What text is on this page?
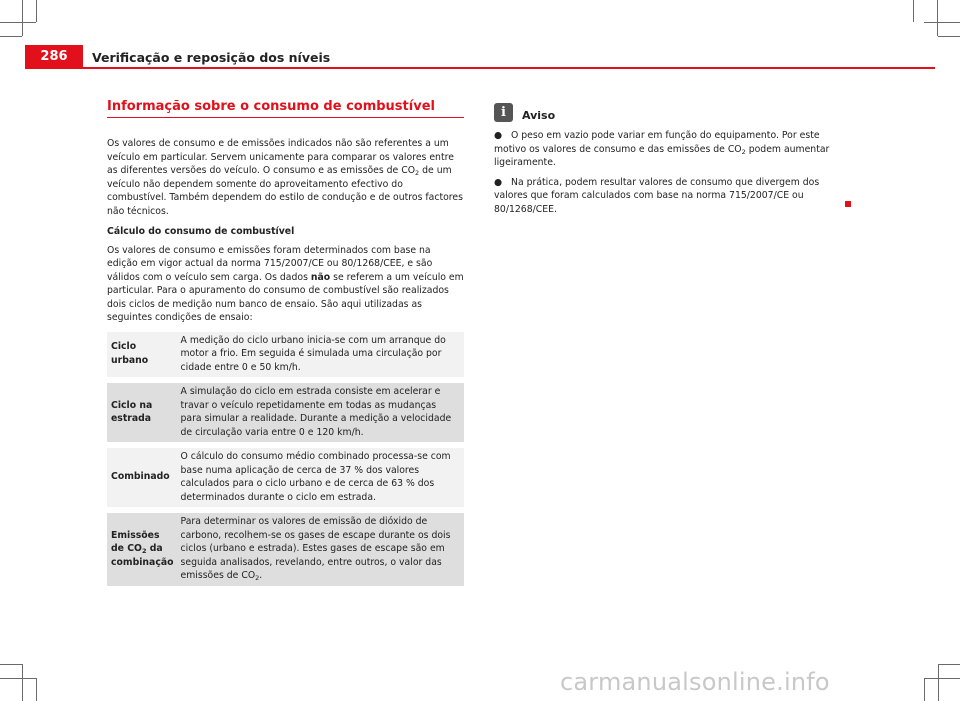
286	Verificação e reposição dos níveis
Informação sobre o consumo de combustível

Os valores de consumo e de emissões indicados não são referentes a um veículo em particular. Servem unicamente para comparar os valores entre as diferentes versões do veículo. O consumo e as emissões de $CO_2$ de um veículo não dependem somente do aproveitamento efectivo do combustível. Também dependem do estilo de condução e de outros factores não técnicos.

Cálculo do consumo de combustível

Os valores de consumo e emissões foram determinados com base na edição em vigor actual da norma 715/2007/CE ou 80/1268/CEE, e são válidos com o veículo sem carga. Os dados não se referem a um veículo em particular. Para o apuramento do consumo de combustível são realizados dois ciclos de medição num banco de ensaio. São aqui utilizadas as seguintes condições de ensaio:

Ciclo urbano	A medição do ciclo urbano inicia-se com um arranque do motor a frio. Em seguida é simulada uma circulação por cidade entre 0 e 50 km/h.
Ciclo na estrada	A simulação do ciclo em estrada consiste em acelerar e travar o veículo repetidamente em todas as mudanças para simular a realidade. Durante a medição a velocidade de circulação varia entre 0 e 120 km/h.
Combinado	O cálculo do consumo médio combinado processa-se com base numa aplicação de cerca de 37 % dos valores calculados para o ciclo urbano e de cerca de 63 % dos determinados durante o ciclo em estrada.
Emissões de $CO_2$ da combinação	Para determinar os valores de emissão de dióxido de carbono, recolhem-se os gases de escape durante os dois ciclos (urbano e estrada). Estes gases de escape são em seguida analisados, revelando, entre outros, o valor das emissões de $CO_2$.
i	Aviso

● O peso em vazio pode variar em função do equipamento. Por este motivo os valores de consumo e das emissões de $CO_2$ podem aumentar ligeiramente.

● Na prática, podem resultar valores de consumo que divergem dos valores que foram calculados com base na norma 715/2007/CE ou 80/1268/CEE.

carmanualsonline.info
